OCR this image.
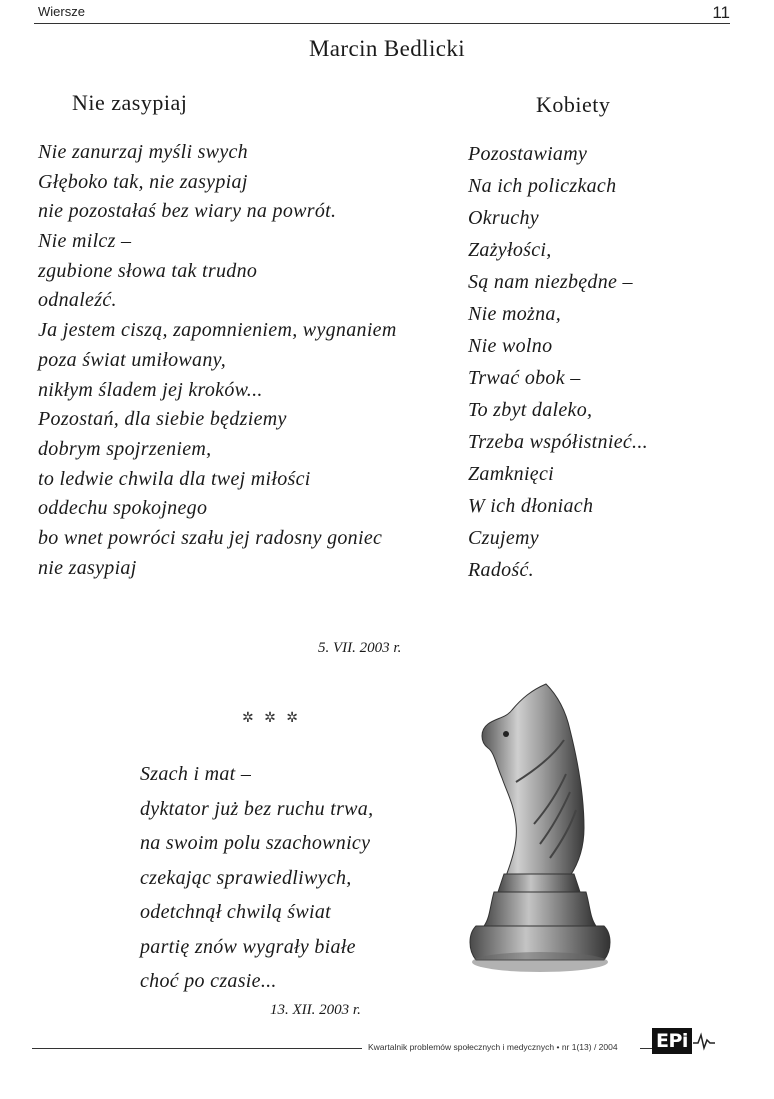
Wiersze	11
Marcin Bedlicki
Nie zasypiaj
Nie zanurzaj myśli swych
Głęboko tak, nie zasypiaj
nie pozostałaś bez wiary na powrót.
Nie milcz –
zgubione słowa tak trudno
odnaleźć.
Ja jestem ciszą, zapomnieniem, wygnaniem
poza świat umiłowany,
nikłym śladem jej kroków...
Pozostań, dla siebie będziemy
dobrym spojrzeniem,
to ledwie chwila dla twej miłości
oddechu spokojnego
bo wnet powróci szału jej radosny goniec
nie zasypiaj
5. VII. 2003 r.
Kobiety
Pozostawiamy
Na ich policzkach
Okruchy
Zażyłości,
Są nam niezbędne –
Nie można,
Nie wolno
Trwać obok –
To zbyt daleko,
Trzeba współistnieć...
Zamknięci
W ich dłoniach
Czujemy
Radość.
✲ ✲ ✲
Szach i mat –
dyktator już bez ruchu trwa,
na swoim polu szachownicy
czekając sprawiedliwych,
odetchnął chwilą świat
partię znów wygrały białe
choć po czasie...
13. XII. 2003 r.
Kwartalnik problemów społecznych i medycznych • nr 1(13) / 2004 EPi
